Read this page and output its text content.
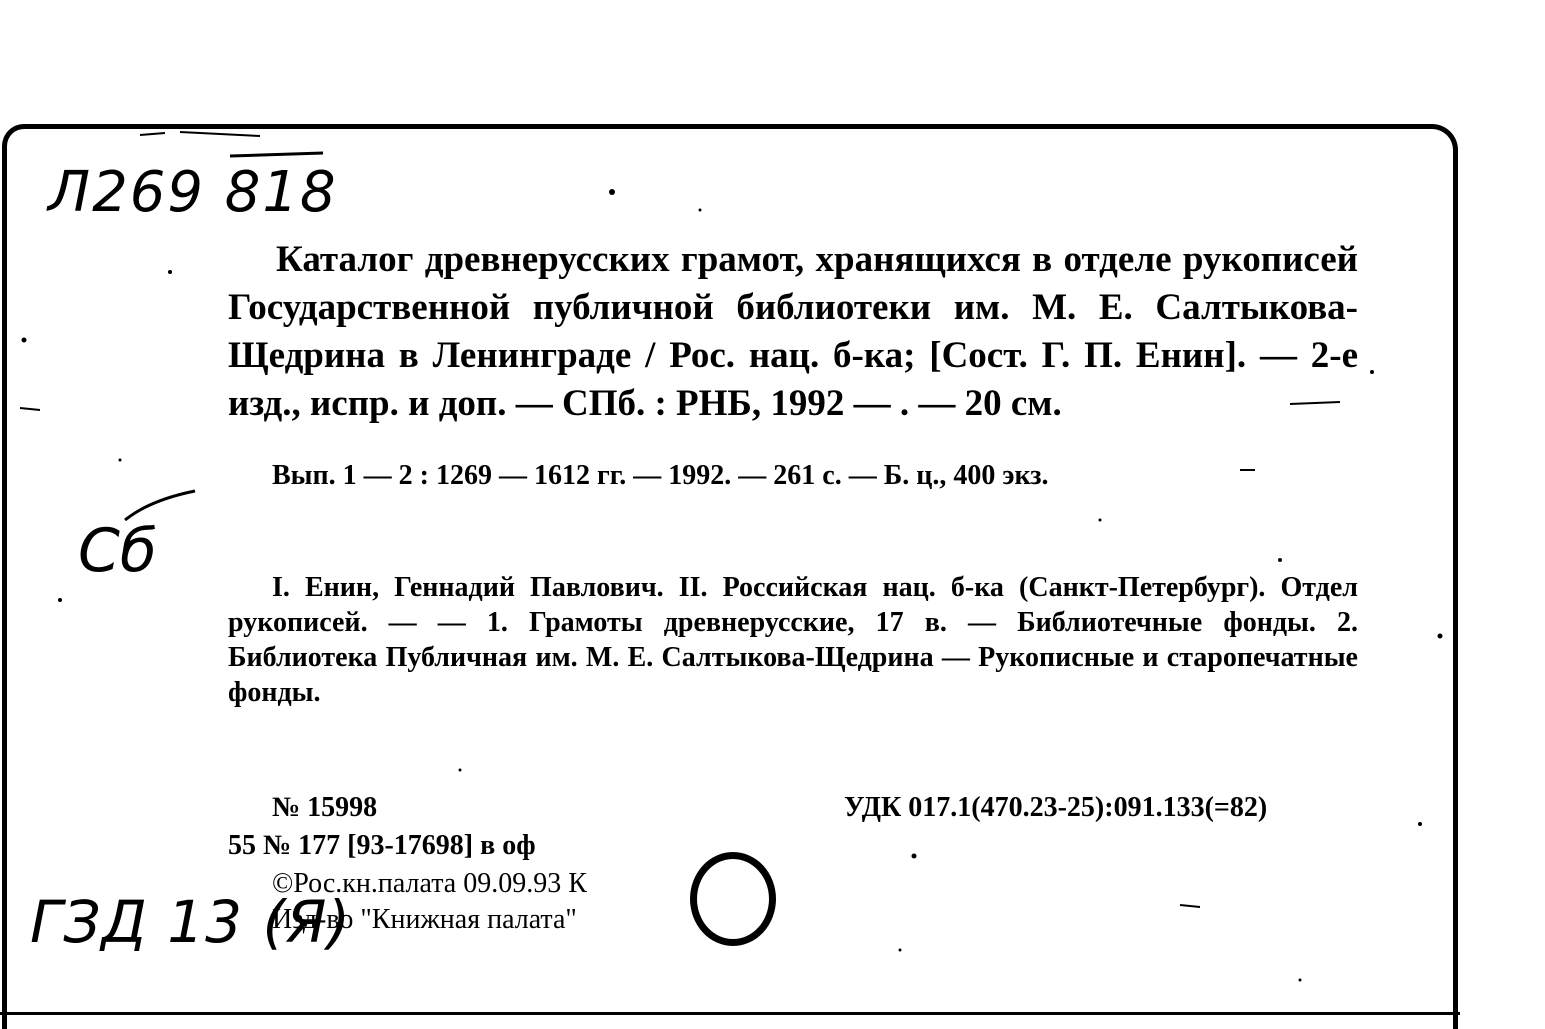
Л269 818
Сб
ГЗД 13 (Я)

Каталог древнерусских грамот, хранящихся в отделе рукописей Государственной публичной библиотеки им. М. Е. Салтыкова-Щедрина в Ленинграде / Рос. нац. б-ка; [Сост. Г. П. Енин]. — 2-е изд., испр. и доп. — СПб. : РНБ, 1992 — . — 20 см.

Вып. 1 — 2 : 1269 — 1612 гг. — 1992. — 261 с. — Б. ц., 400 экз.

I. Енин, Геннадий Павлович. II. Российская нац. б-ка (Санкт-Петербург). Отдел рукописей. — — 1. Грамоты древнерусские, 17 в. — Библиотечные фонды. 2. Библиотека Публичная им. М. Е. Салтыкова-Щедрина — Рукописные и старопечатные фонды.

№ 15998	УДК 017.1(470.23-25):091.133(=82)
55 № 177 [93-17698] в оф
©Рос.кн.палата 09.09.93 К
Изд-во "Книжная палата"
